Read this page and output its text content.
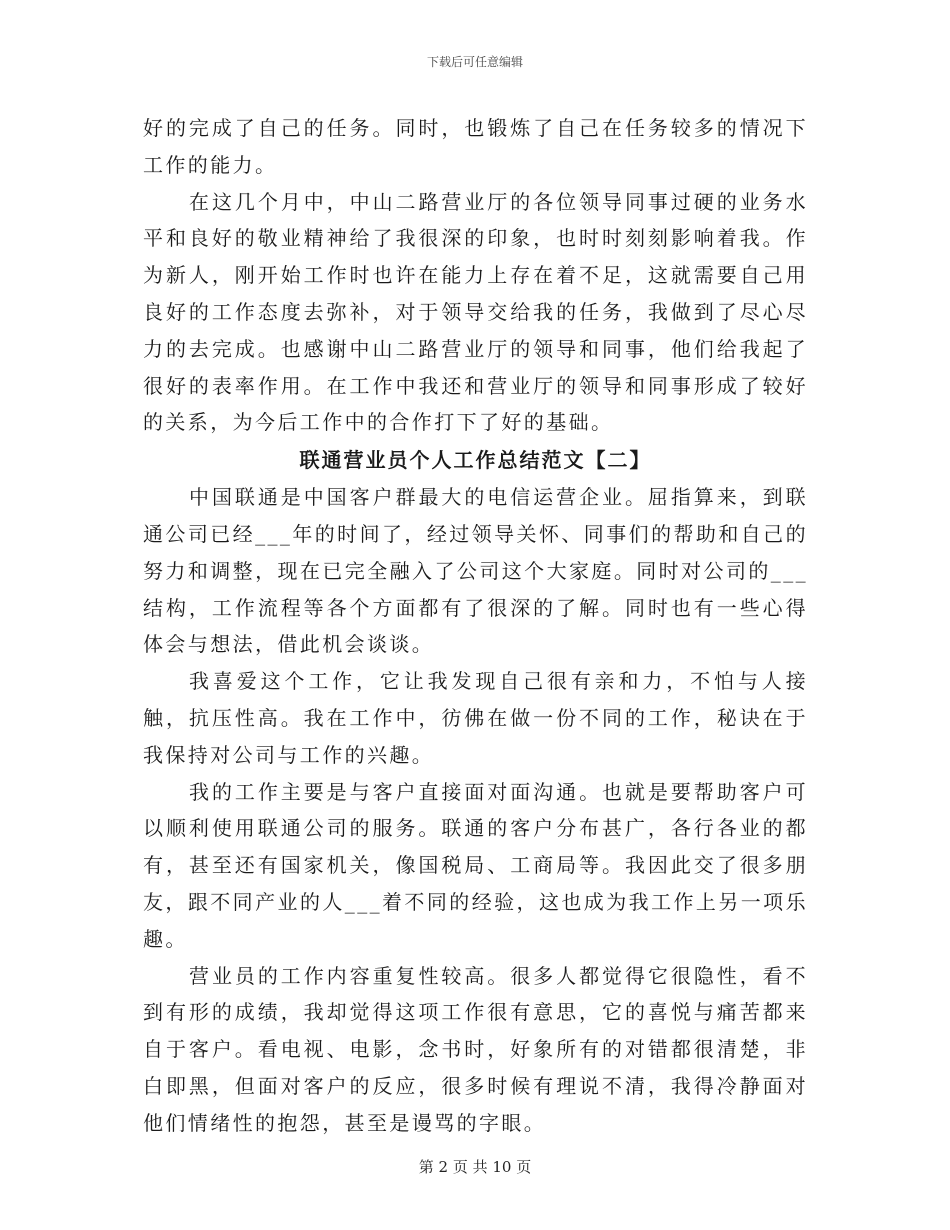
下载后可任意编辑

好的完成了自己的任务。同时，也锻炼了自己在任务较多的情况下工作的能力。

在这几个月中，中山二路营业厅的各位领导同事过硬的业务水平和良好的敬业精神给了我很深的印象，也时时刻刻影响着我。作为新人，刚开始工作时也许在能力上存在着不足，这就需要自己用良好的工作态度去弥补，对于领导交给我的任务，我做到了尽心尽力的去完成。也感谢中山二路营业厅的领导和同事，他们给我起了很好的表率作用。在工作中我还和营业厅的领导和同事形成了较好的关系，为今后工作中的合作打下了好的基础。

联通营业员个人工作总结范文【二】

中国联通是中国客户群最大的电信运营企业。屈指算来，到联通公司已经___年的时间了，经过领导关怀、同事们的帮助和自己的努力和调整，现在已完全融入了公司这个大家庭。同时对公司的___结构，工作流程等各个方面都有了很深的了解。同时也有一些心得体会与想法，借此机会谈谈。

我喜爱这个工作，它让我发现自己很有亲和力，不怕与人接触，抗压性高。我在工作中，彷佛在做一份不同的工作，秘诀在于我保持对公司与工作的兴趣。

我的工作主要是与客户直接面对面沟通。也就是要帮助客户可以顺利使用联通公司的服务。联通的客户分布甚广，各行各业的都有，甚至还有国家机关，像国税局、工商局等。我因此交了很多朋友，跟不同产业的人___着不同的经验，这也成为我工作上另一项乐趣。

营业员的工作内容重复性较高。很多人都觉得它很隐性，看不到有形的成绩，我却觉得这项工作很有意思，它的喜悦与痛苦都来自于客户。看电视、电影，念书时，好象所有的对错都很清楚，非白即黑，但面对客户的反应，很多时候有理说不清，我得冷静面对他们情绪性的抱怨，甚至是谩骂的字眼。

第 2 页 共 10 页
